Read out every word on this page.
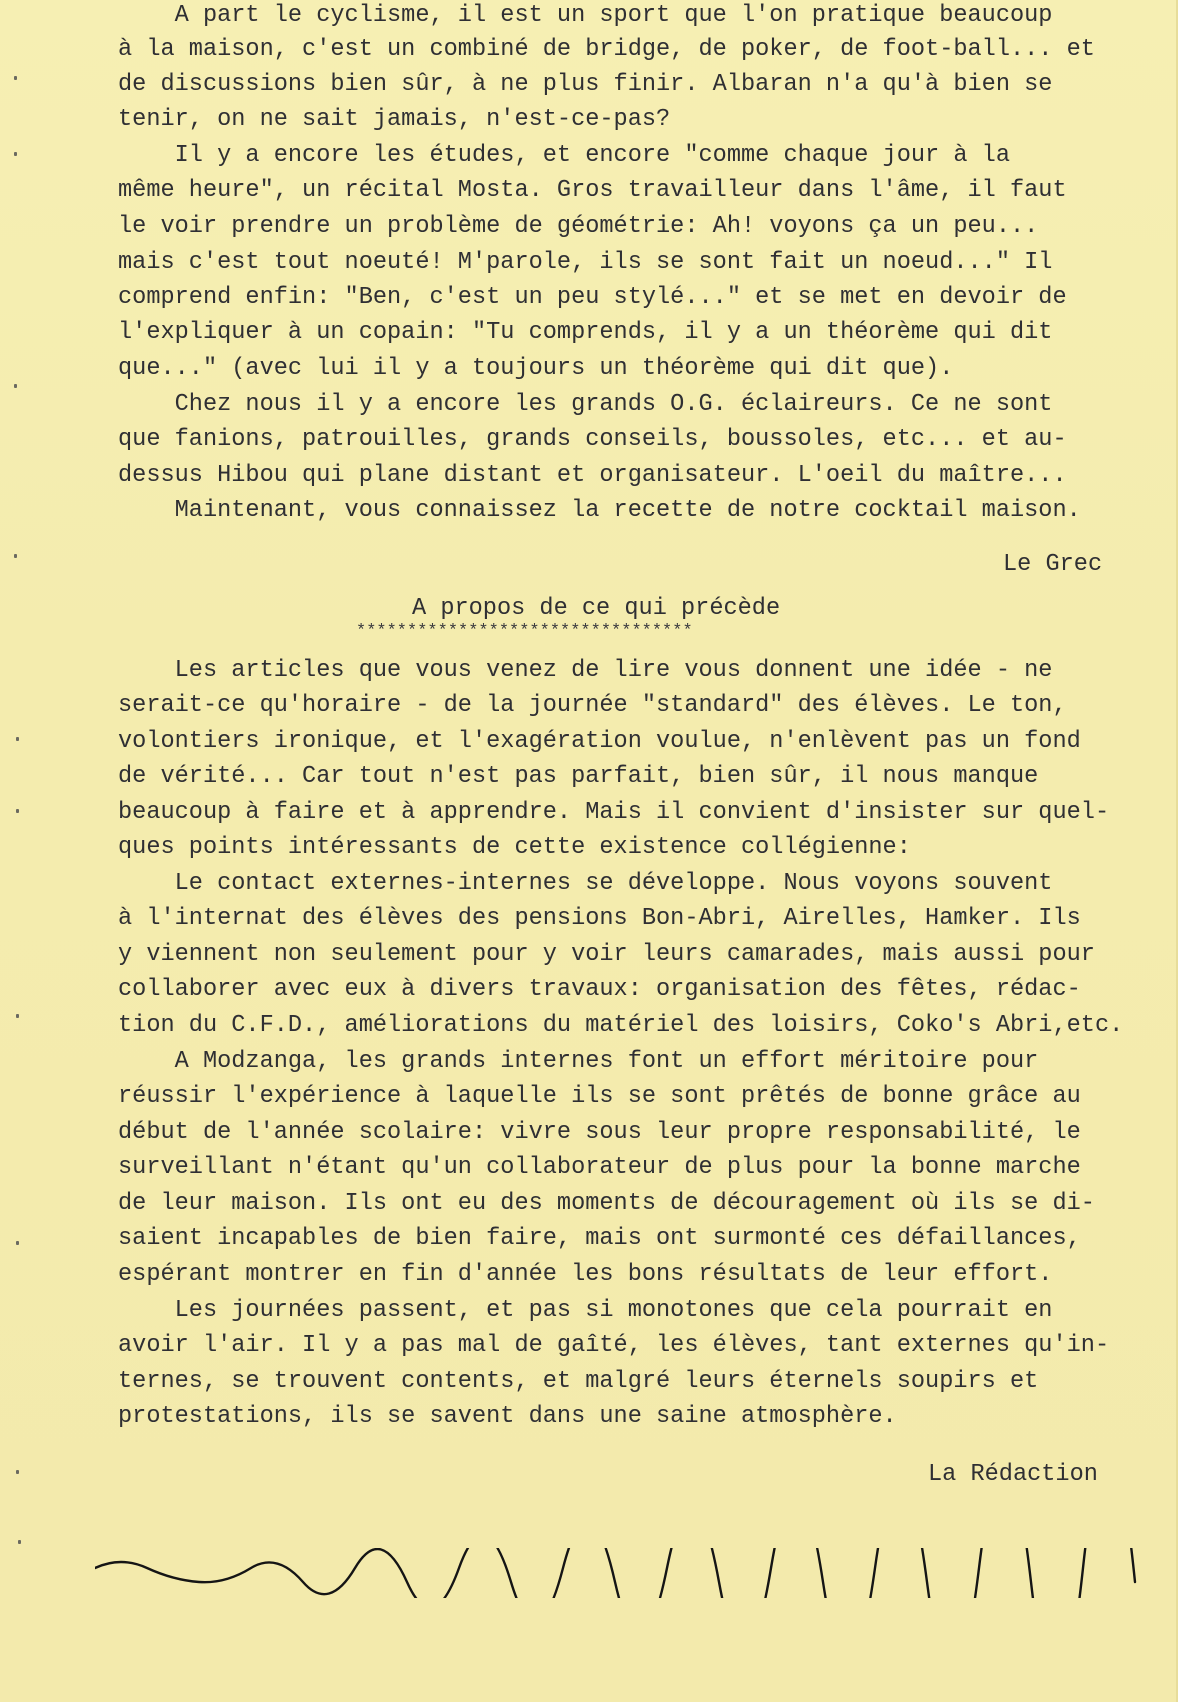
A part le cyclisme, il est un sport que l'on pratique beaucoup
à la maison, c'est un combiné de bridge, de poker, de foot-ball... et
de discussions bien sûr, à ne plus finir. Albaran n'a qu'à bien se
tenir, on ne sait jamais, n'est-ce-pas?
Il y a encore les études, et encore "comme chaque jour à la
même heure", un récital Mosta. Gros travailleur dans l'âme, il faut
le voir prendre un problème de géométrie: Ah! voyons ça un peu...
mais c'est tout noeuté! M'parole, ils se sont fait un noeud..." Il
comprend enfin: "Ben, c'est un peu stylé..." et se met en devoir de
l'expliquer à un copain: "Tu comprends, il y a un théorème qui dit
que..." (avec lui il y a toujours un théorème qui dit que).
Chez nous il y a encore les grands O.G. éclaireurs. Ce ne sont
que fanions, patrouilles, grands conseils, boussoles, etc... et au-
dessus Hibou qui plane distant et organisateur. L'oeil du maître...
Maintenant, vous connaissez la recette de notre cocktail maison.
Le Grec
A propos de ce qui précède
*********************************
Les articles que vous venez de lire vous donnent une idée - ne
serait-ce qu'horaire - de la journée "standard" des élèves. Le ton,
volontiers ironique, et l'exagération voulue, n'enlèvent pas un fond
de vérité... Car tout n'est pas parfait, bien sûr, il nous manque
beaucoup à faire et à apprendre. Mais il convient d'insister sur quel-
ques points intéressants de cette existence collégienne:
Le contact externes-internes se développe. Nous voyons souvent
à l'internat des élèves des pensions Bon-Abri, Airelles, Hamker. Ils
y viennent non seulement pour y voir leurs camarades, mais aussi pour
collaborer avec eux à divers travaux: organisation des fêtes, rédac-
tion du C.F.D., améliorations du matériel des loisirs, Coko's Abri,etc.
A Modzanga, les grands internes font un effort méritoire pour
réussir l'expérience à laquelle ils se sont prêtés de bonne grâce au
début de l'année scolaire: vivre sous leur propre responsabilité, le
surveillant n'étant qu'un collaborateur de plus pour la bonne marche
de leur maison. Ils ont eu des moments de découragement où ils se di-
saient incapables de bien faire, mais ont surmonté ces défaillances,
espérant montrer en fin d'année les bons résultats de leur effort.
Les journées passent, et pas si monotones que cela pourrait en
avoir l'air. Il y a pas mal de gaîté, les élèves, tant externes qu'in-
ternes, se trouvent contents, et malgré leurs éternels soupirs et
protestations, ils se savent dans une saine atmosphère.
La Rédaction
